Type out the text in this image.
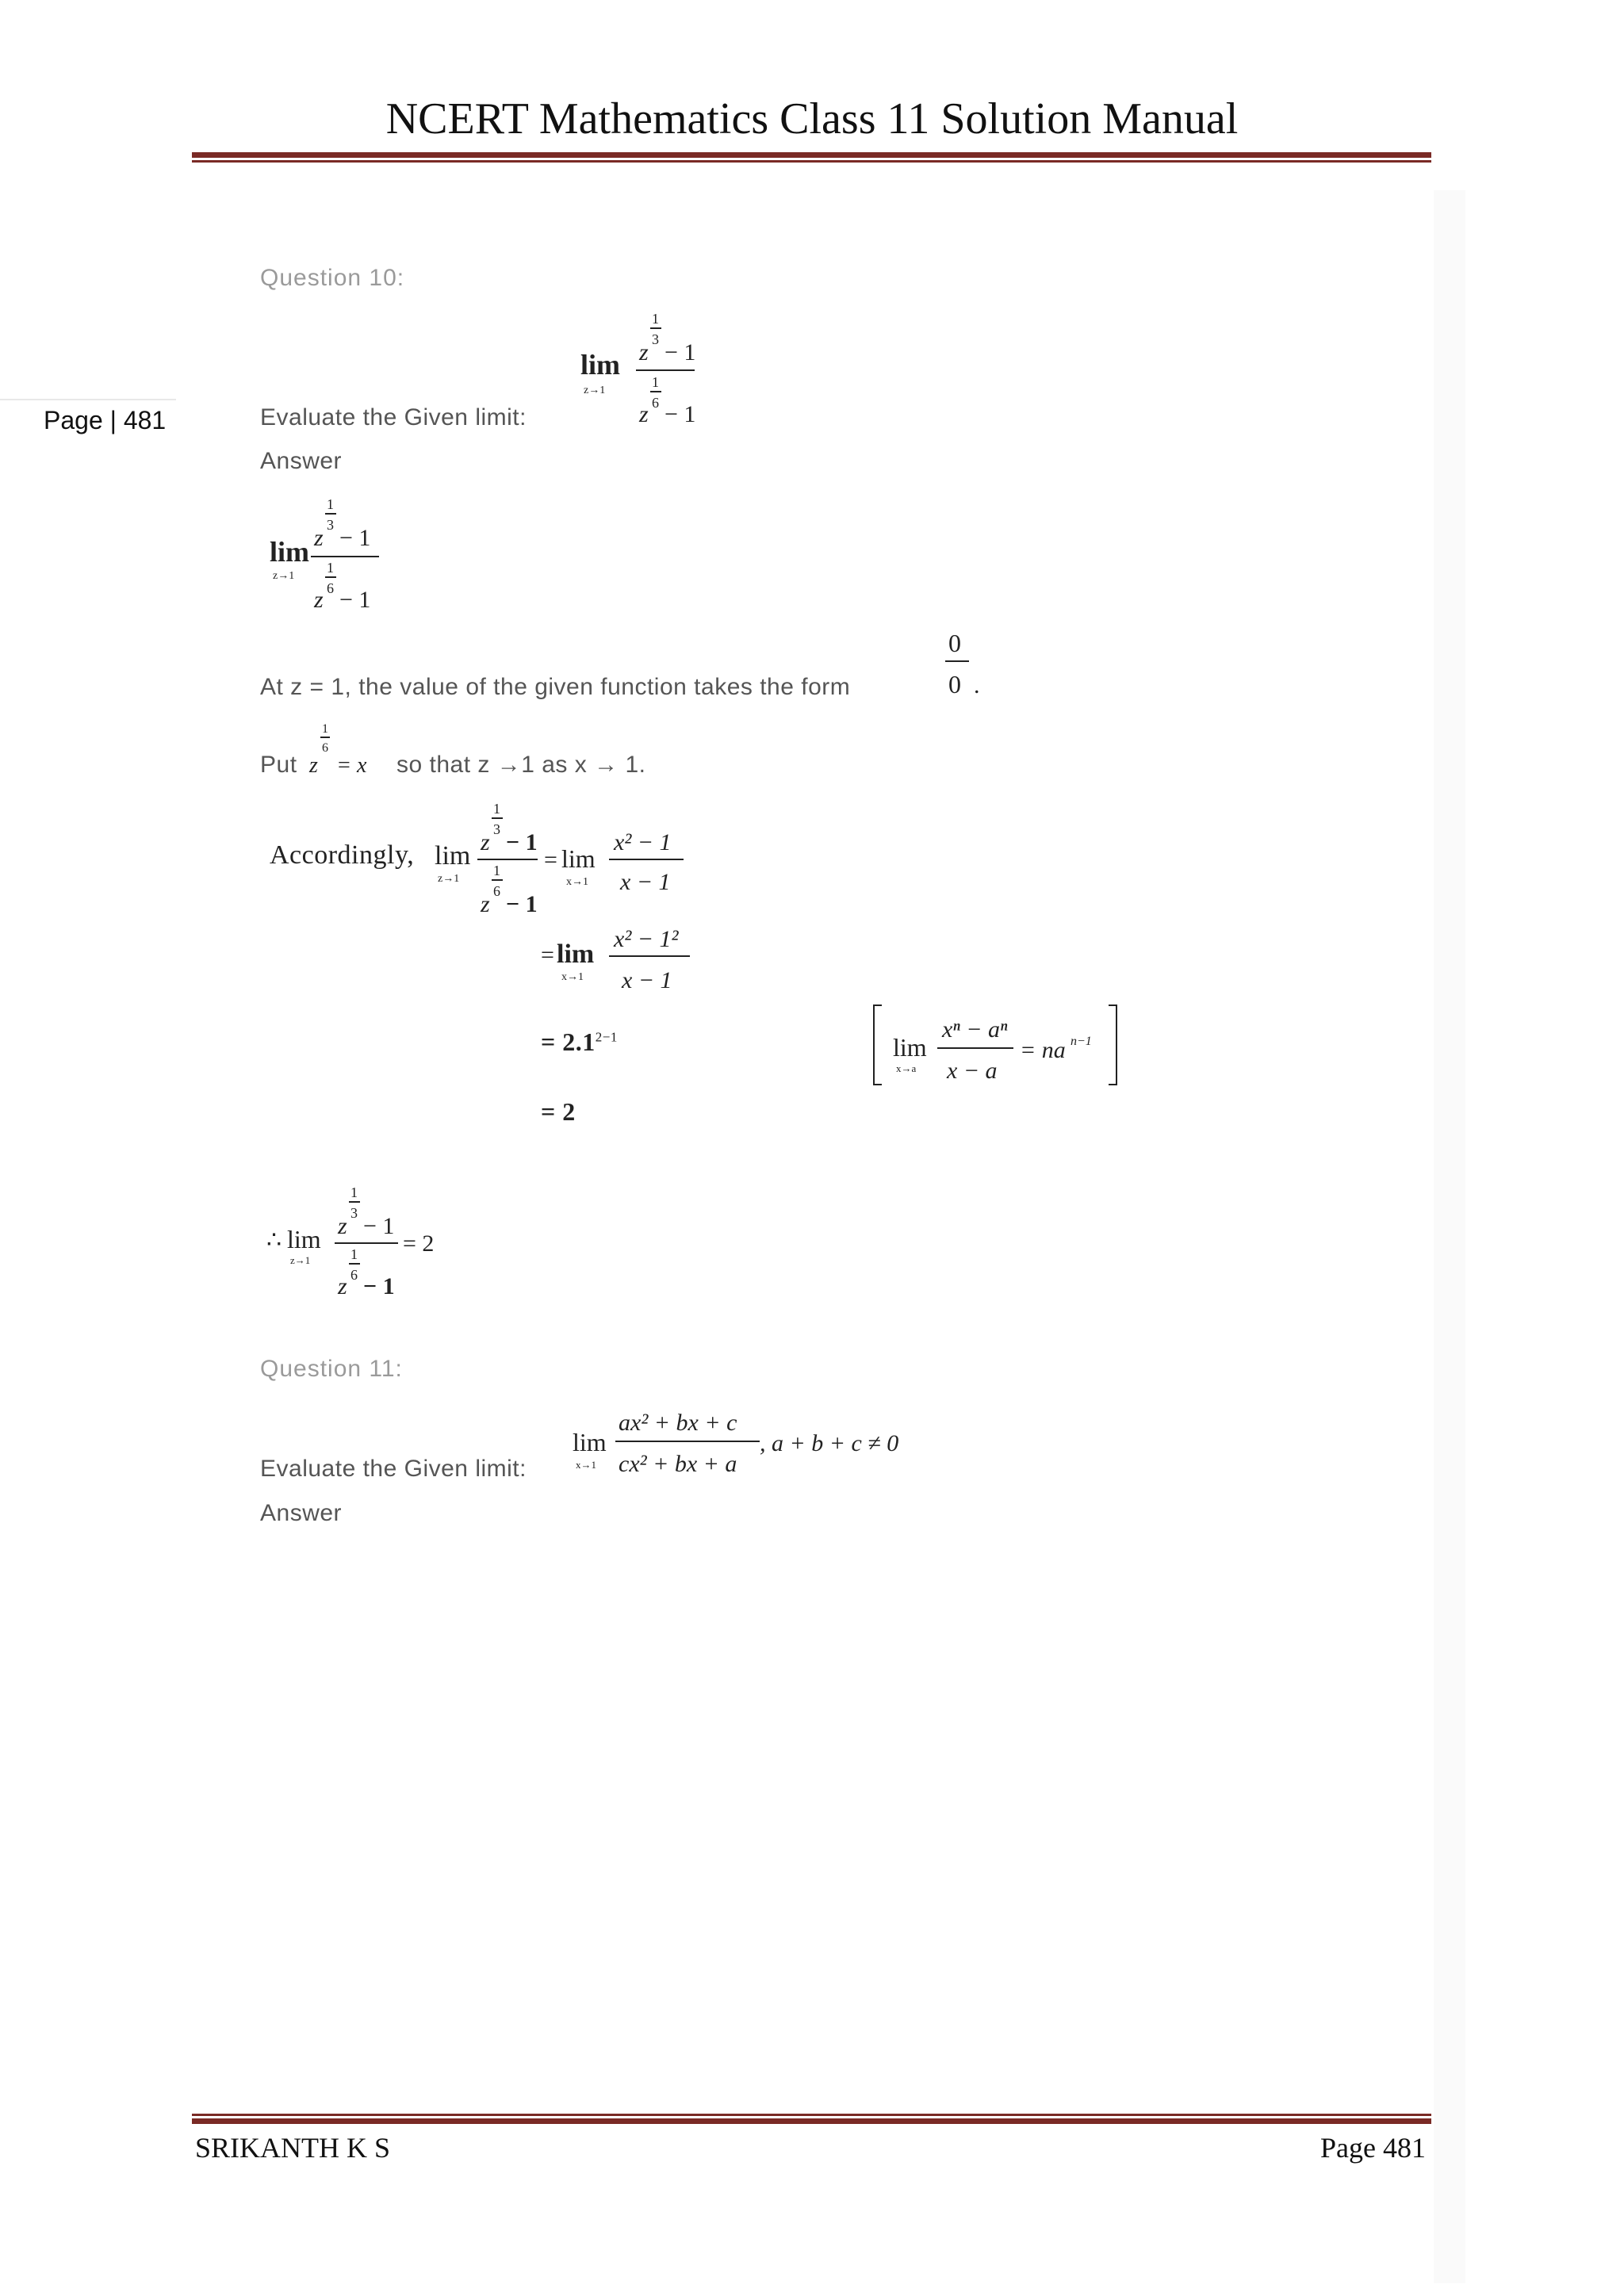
NCERT Mathematics Class 11 Solution Manual
Page | 481
Question 10:
lim
z→1
z
1
3 − 1
z
1
6 − 1
Evaluate the Given limit:
Answer
lim
z→1
z
1
3 − 1
z
1
6 − 1
At z = 1, the value of the given function takes the form
0
0 .
Put z
1
6
= x so that z →1 as x → 1.
Accordingly, lim
z→1
z
1
3 − 1
z
1
6 − 1
= lim
x→1
x² − 1
x − 1
= lim
x→1
x² − 1²
x − 1
= $2.1^{2-1}$	lim
x→a
xⁿ − aⁿ
x − a
= na n−1
= 2
∴ lim
z→1
z
1
3 − 1
z
1
6 − 1
= 2
Question 11:
lim
x→1
ax² + bx + c
cx² + bx + a
, a + b + c ≠ 0
Evaluate the Given limit:
Answer
SRIKANTH K S	Page 481
